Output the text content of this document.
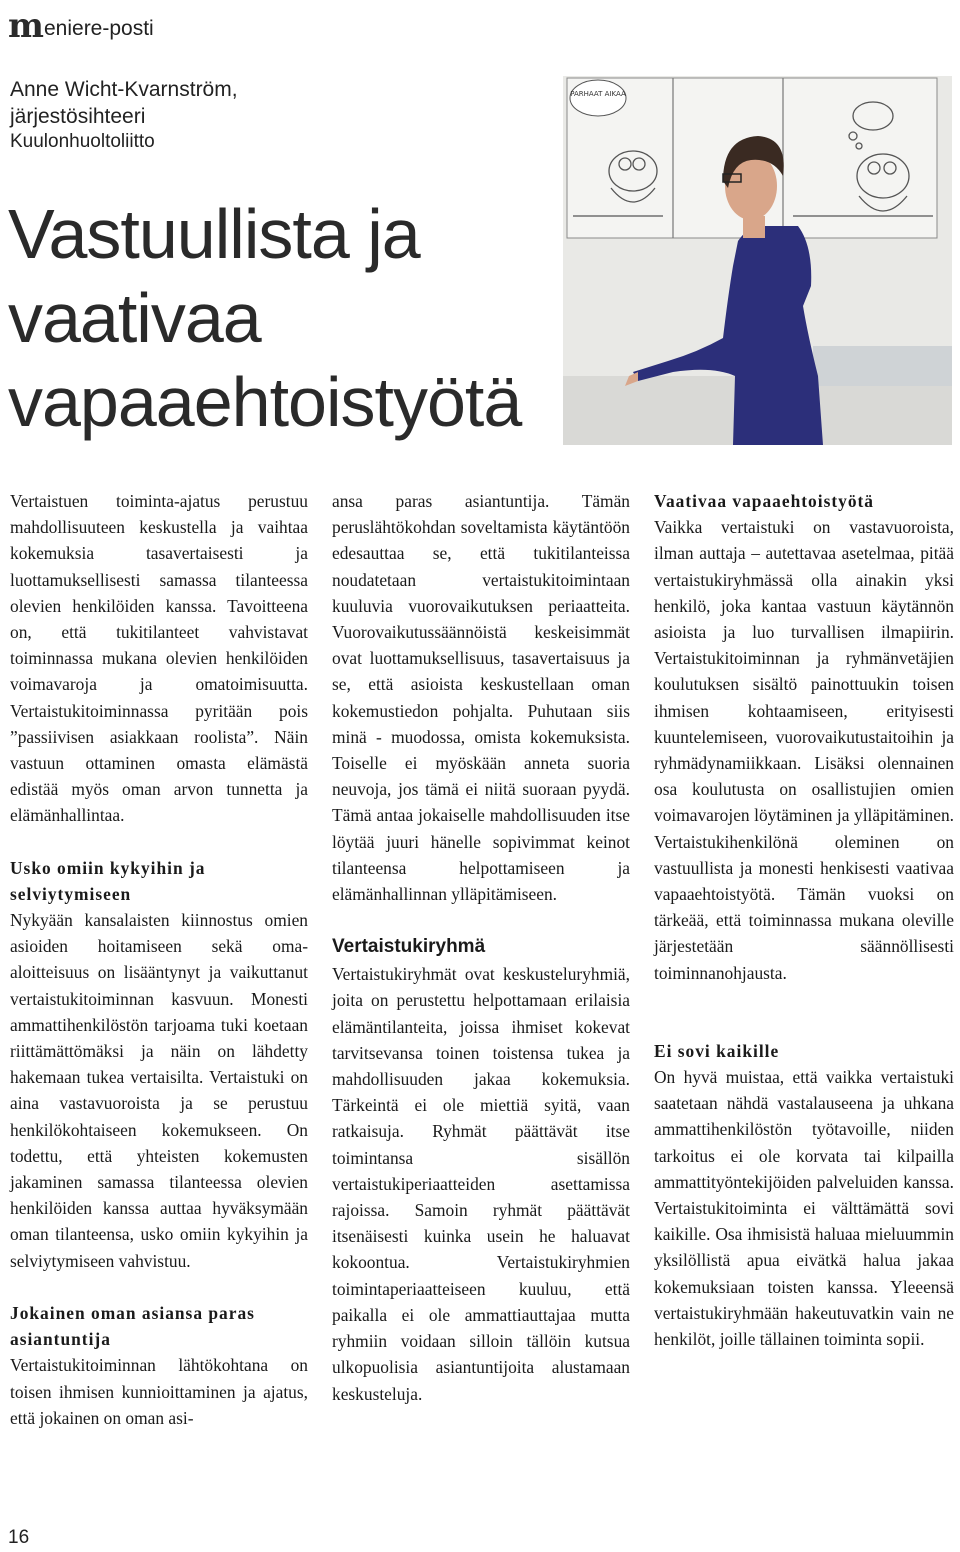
m eniere-posti
Anne Wicht-Kvarnström,
järjestösihteeri
Kuulonhuoltoliitto
Vastuullista ja vaativaa vapaaehtoistyötä
PARHAAT AIKAA

Vertaistuen toiminta-ajatus perustuu mahdollisuuteen keskustella ja vaihtaa kokemuksia tasavertaisesti ja luottamuksellisesti samassa tilanteessa olevien henkilöiden kanssa. Tavoitteena on, että tukitilanteet vahvistavat toiminnassa mukana olevien henkilöiden voimavaroja ja omatoimisuutta. Vertaistukitoiminnassa pyritään pois ”passiivisen asiakkaan roolista”. Näin vastuun ottaminen omasta elämästä edistää myös oman arvon tunnetta ja elämänhallintaa.

Usko omiin kykyihin ja selviytymiseen

Nykyään kansalaisten kiinnostus omien asioiden hoitamiseen sekä oma-aloitteisuus on lisääntynyt ja vaikuttanut vertaistukitoiminnan kasvuun. Monesti ammattihenkilöstön tarjoama tuki koetaan riittämättömäksi ja näin on lähdetty hakemaan tukea vertaisilta. Vertaistuki on aina vastavuoroista ja se perustuu henkilökohtaiseen kokemukseen. On todettu, että yhteisten kokemusten jakaminen samassa tilanteessa olevien henkilöiden kanssa auttaa hyväksymään oman tilanteensa, usko omiin kykyihin ja selviytymiseen vahvistuu.

Jokainen oman asiansa paras asiantuntija

Vertaistukitoiminnan lähtökohtana on toisen ihmisen kunnioittaminen ja ajatus, että jokainen on oman asi-

ansa paras asiantuntija. Tämän peruslähtökohdan soveltamista käytäntöön edesauttaa se, että tukitilanteissa noudatetaan vertaistukitoimintaan kuuluvia vuorovaikutuksen periaatteita. Vuorovaikutussäännöistä keskeisimmät ovat luottamuksellisuus, tasavertaisuus ja se, että asioista keskustellaan oman kokemustiedon pohjalta. Puhutaan siis minä - muodossa, omista kokemuksista. Toiselle ei myöskään anneta suoria neuvoja, jos tämä ei niitä suoraan pyydä. Tämä antaa jokaiselle mahdollisuuden itse löytää juuri hänelle sopivimmat keinot tilanteensa helpottamiseen ja elämänhallinnan ylläpitämiseen.

Vertaistukiryhmä

Vertaistukiryhmät ovat keskusteluryhmiä, joita on perustettu helpottamaan erilaisia elämäntilanteita, joissa ihmiset kokevat tarvitsevansa toinen toistensa tukea ja mahdollisuuden jakaa kokemuksia. Tärkeintä ei ole miettiä syitä, vaan ratkaisuja. Ryhmät päättävät itse toimintansa sisällön vertaistukiperiaatteiden asettamissa rajoissa. Samoin ryhmät päättävät itsenäisesti kuinka usein he haluavat kokoontua. Vertaistukiryhmien toimintaperiaatteiseen kuuluu, että paikalla ei ole ammattiauttajaa mutta ryhmiin voidaan silloin tällöin kutsua ulkopuolisia asiantuntijoita alustamaan keskusteluja.

Vaativaa vapaaehtoistyötä

Vaikka vertaistuki on vastavuoroista, ilman auttaja – autettavaa asetelmaa, pitää vertaistukiryhmässä olla ainakin yksi henkilö, joka kantaa vastuun käytännön asioista ja luo turvallisen ilmapiirin. Vertaistukitoiminnan ja ryhmänvetäjien koulutuksen sisältö painottuukin toisen ihmisen kohtaamiseen, erityisesti kuuntelemiseen, vuorovaikutustaitoihin ja ryhmädynamiikkaan. Lisäksi olennainen osa koulutusta on osallistujien omien voimavarojen löytäminen ja ylläpitäminen. Vertaistukihenkilönä oleminen on vastuullista ja monesti henkisesti vaativaa vapaaehtoistyötä. Tämän vuoksi on tärkeää, että toiminnassa mukana oleville järjestetään säännöllisesti toiminnanohjausta.

Ei sovi kaikille

On hyvä muistaa, että vaikka vertaistuki saatetaan nähdä vastalauseena ja uhkana ammattihenkilöstön työtavoille, niiden tarkoitus ei ole korvata tai kilpailla ammattityöntekijöiden palveluiden kanssa. Vertaistukitoiminta ei välttämättä sovi kaikille. Osa ihmisistä haluaa mieluummin yksilöllistä apua eivätkä halua jakaa kokemuksiaan toisten kanssa. Yleeensä vertaistukiryhmään hakeutuvatkin vain ne henkilöt, joille tällainen toiminta sopii.

16
